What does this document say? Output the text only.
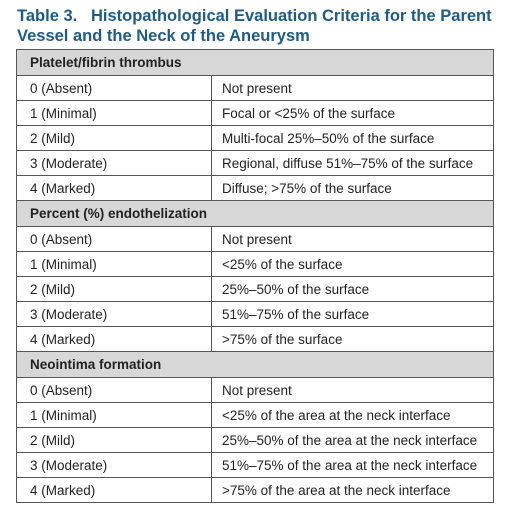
Table 3.   Histopathological Evaluation Criteria for the Parent
Vessel and the Neck of the Aneurysm
Platelet/fibrin thrombus	
0 (Absent)	Not present
1 (Minimal)	Focal or <25% of the surface
2 (Mild)	Multi-focal 25%–50% of the surface
3 (Moderate)	Regional, diffuse 51%–75% of the surface
4 (Marked)	Diffuse; >75% of the surface
Percent (%) endothelization	
0 (Absent)	Not present
1 (Minimal)	<25% of the surface
2 (Mild)	25%–50% of the surface
3 (Moderate)	51%–75% of the surface
4 (Marked)	>75% of the surface
Neointima formation	
0 (Absent)	Not present
1 (Minimal)	<25% of the area at the neck interface
2 (Mild)	25%–50% of the area at the neck interface
3 (Moderate)	51%–75% of the area at the neck interface
4 (Marked)	>75% of the area at the neck interface
